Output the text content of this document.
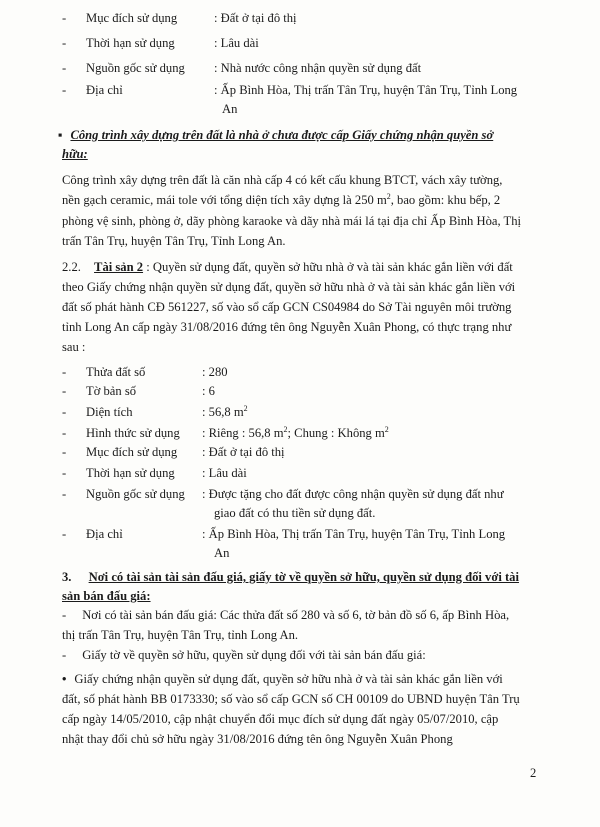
-	Mục đích sử dụng	: Đất ở tại đô thị
-	Thời hạn sử dụng	: Lâu dài
-	Nguồn gốc sử dụng : Nhà nước công nhận quyền sử dụng đất
-	Địa chỉ	: Ấp Bình Hòa, Thị trấn Tân Trụ, huyện Tân Trụ, Tỉnh Long
An
▪ Công trình xây dựng trên đất là nhà ở chưa được cấp Giấy chứng nhận quyền sở
hữu:
Công trình xây dựng trên đất là căn nhà cấp 4 có kết cấu khung BTCT, vách xây tường,
nền gạch ceramic, mái tole với tổng diện tích xây dựng là 250 $m^2$, bao gồm: khu bếp, 2
phòng vệ sinh, phòng ở, dãy phòng karaoke và dãy nhà mái lá tại địa chỉ Ấp Bình Hòa, Thị
trấn Tân Trụ, huyện Tân Trụ, Tỉnh Long An.
2.2. Tài sản 2 : Quyền sử dụng đất, quyền sở hữu nhà ở và tài sản khác gắn liền với đất
theo Giấy chứng nhận quyền sử dụng đất, quyền sở hữu nhà ở và tài sản khác gắn liền với
đất số phát hành CĐ 561227, số vào sổ cấp GCN CS04984 do Sở Tài nguyên môi trường
tỉnh Long An cấp ngày 31/08/2016 đứng tên ông Nguyễn Xuân Phong, có thực trạng như
sau :
-	Thửa đất số	: 280
-	Tờ bản số	: 6
-	Diện tích	: 56,8 $m^2$
-	Hình thức sử dụng : Riêng : 56,8 $m^2$; Chung : Không $m^2$
-	Mục đích sử dụng : Đất ở tại đô thị
-	Thời hạn sử dụng : Lâu dài
-	Nguồn gốc sử dụng : Được tặng cho đất được công nhận quyền sử dụng đất như
giao đất có thu tiền sử dụng đất.
-	Địa chỉ	: Ấp Bình Hòa, Thị trấn Tân Trụ, huyện Tân Trụ, Tỉnh Long
An
3. Nơi có tài sản tài sản đấu giá, giấy tờ về quyền sở hữu, quyền sử dụng đối với tài
sản bán đấu giá:
- Nơi có tài sản bán đấu giá: Các thửa đất số 280 và số 6, tờ bản đồ số 6, ấp Bình Hòa,
thị trấn Tân Trụ, huyện Tân Trụ, tỉnh Long An.
- Giấy tờ về quyền sở hữu, quyền sử dụng đối với tài sản bán đấu giá:
• Giấy chứng nhận quyền sử dụng đất, quyền sở hữu nhà ở và tài sản khác gắn liền với
đất, số phát hành BB 0173330; số vào sổ cấp GCN số CH 00109 do UBND huyện Tân Trụ
cấp ngày 14/05/2010, cập nhật chuyển đổi mục đích sử dụng đất ngày 05/07/2010, cập
nhật thay đổi chủ sở hữu ngày 31/08/2016 đứng tên ông Nguyễn Xuân Phong
2
